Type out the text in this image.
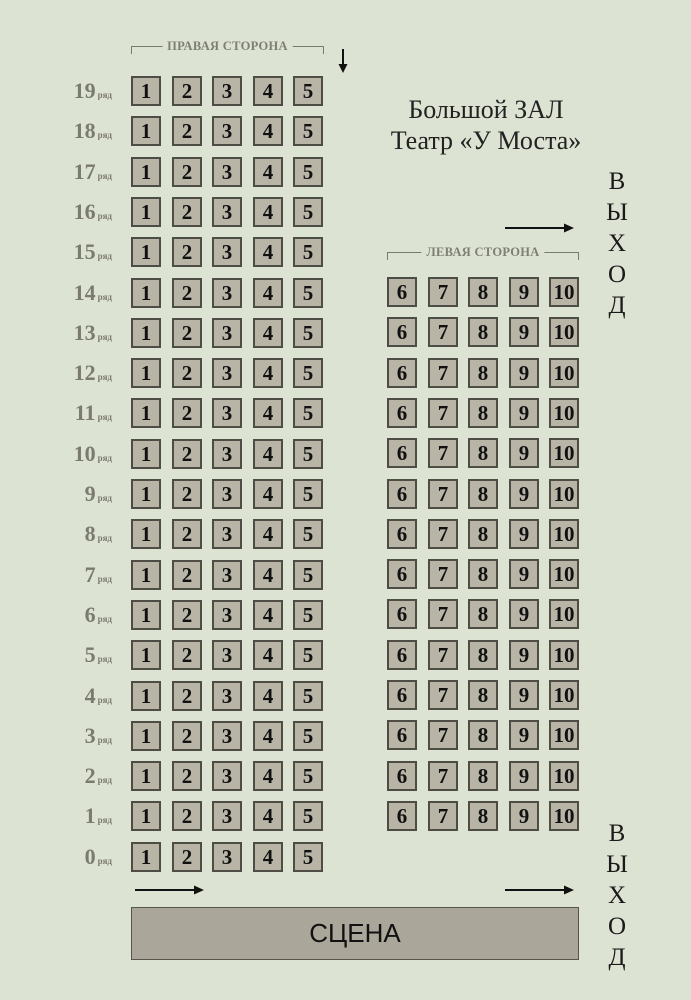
ПРАВАЯ СТОРОНА
Большой ЗАЛ
Театр «У Моста»
В
Ы
Х
О
Д
ЛЕВАЯ СТОРОНА
19 ряд	1	2	3	4	5
18 ряд	1	2	3	4	5
17 ряд	1	2	3	4	5
16 ряд	1	2	3	4	5
15 ряд	1	2	3	4	5
14 ряд	1	2	3	4	5
13 ряд	1	2	3	4	5
12 ряд	1	2	3	4	5
11 ряд	1	2	3	4	5
10 ряд	1	2	3	4	5
9 ряд	1	2	3	4	5
8 ряд	1	2	3	4	5
7 ряд	1	2	3	4	5
6 ряд	1	2	3	4	5
5 ряд	1	2	3	4	5
4 ряд	1	2	3	4	5
3 ряд	1	2	3	4	5
2 ряд	1	2	3	4	5
1 ряд	1	2	3	4	5
0 ряд	1	2	3	4	5
6	7	8	9	10
6	7	8	9	10
6	7	8	9	10
6	7	8	9	10
6	7	8	9	10
6	7	8	9	10
6	7	8	9	10
6	7	8	9	10
6	7	8	9	10
6	7	8	9	10
6	7	8	9	10
6	7	8	9	10
6	7	8	9	10
6	7	8	9	10
В
Ы
Х
О
Д
СЦЕНА
